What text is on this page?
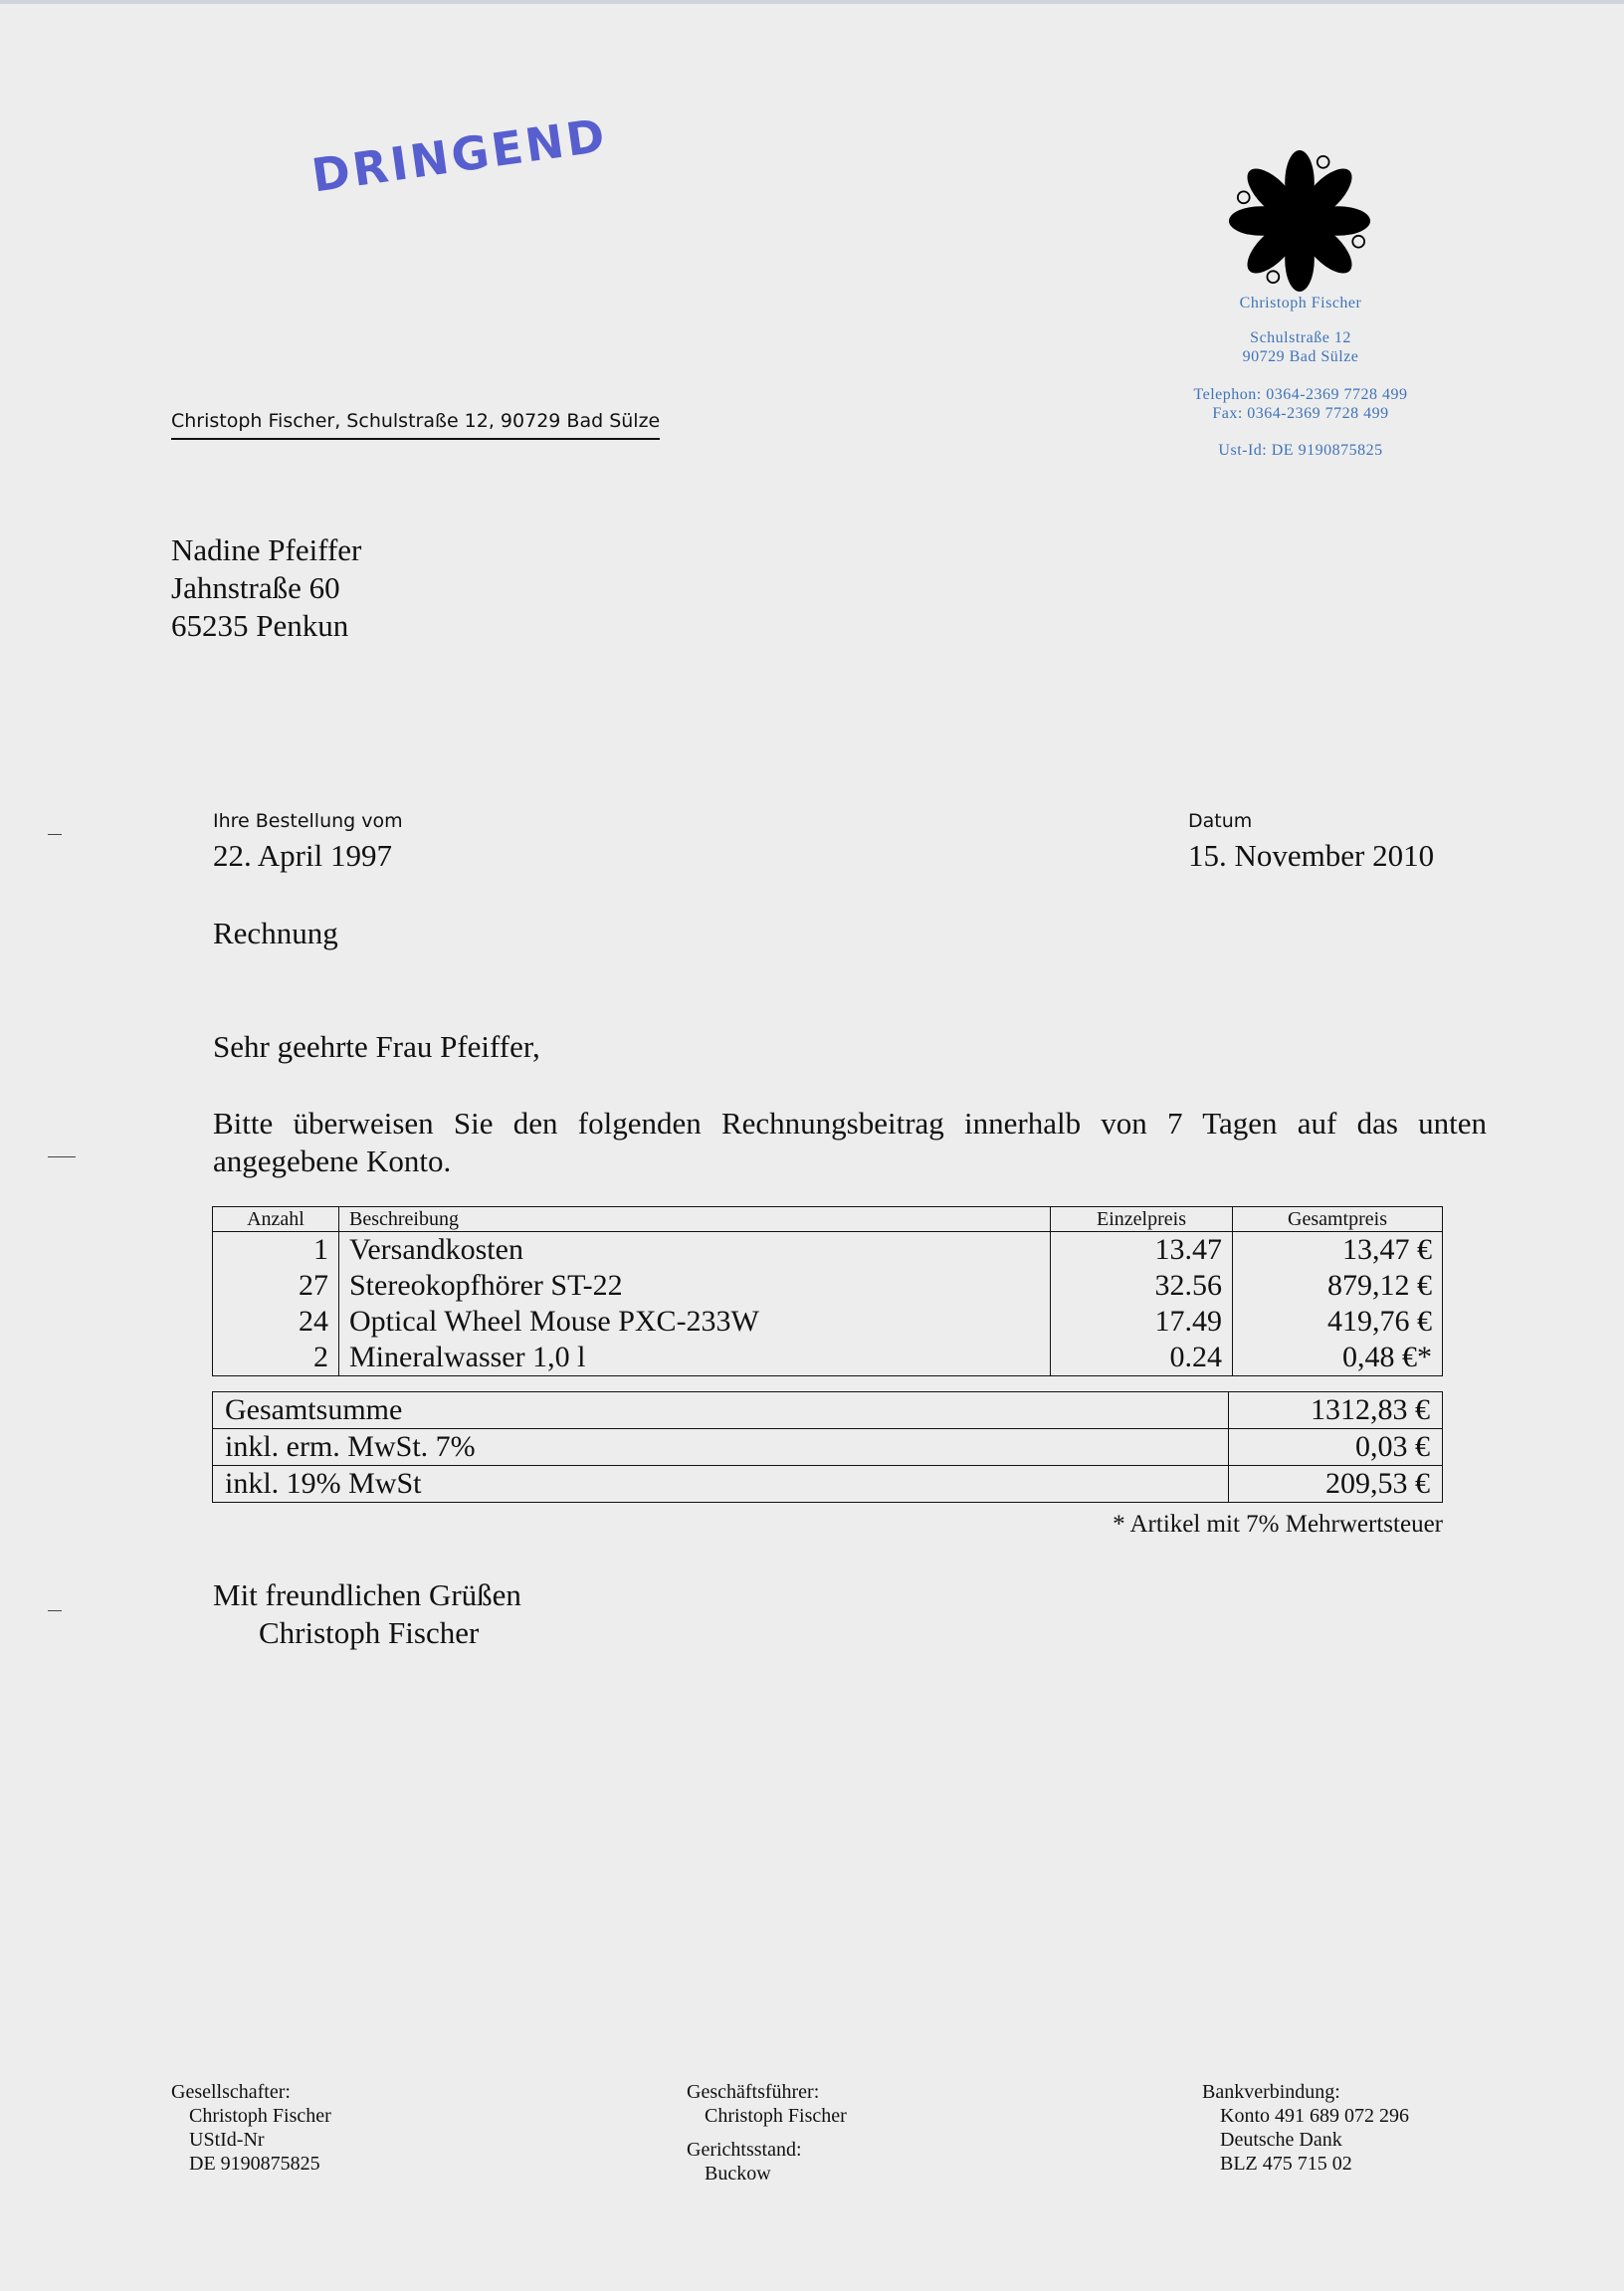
DRINGEND
Christoph Fischer
Schulstraße 12
90729 Bad Sülze
Telephon: 0364-2369 7728 499
Fax: 0364-2369 7728 499
Ust-Id: DE 9190875825
Christoph Fischer, Schulstraße 12, 90729 Bad Sülze
Nadine Pfeiffer
Jahnstraße 60
65235 Penkun
Ihre Bestellung vom
22. April 1997
Datum
15. November 2010
Rechnung
Sehr geehrte Frau Pfeiffer,
Bitte überweisen Sie den folgenden Rechnungsbeitrag innerhalb von 7 Tagen auf das unten angegebene Konto.
Anzahl	Beschreibung	Einzelpreis	Gesamtpreis
1	Versandkosten	13.47	13,47 €
27	Stereokopfhörer ST-22	32.56	879,12 €
24	Optical Wheel Mouse PXC-233W	17.49	419,76 €
2	Mineralwasser 1,0 l	0.24	0,48 €*
Gesamtsumme	1312,83 €
inkl. erm. MwSt. 7%	0,03 €
inkl. 19% MwSt	209,53 €
* Artikel mit 7% Mehrwertsteuer
Mit freundlichen Grüßen
Christoph Fischer
Gesellschafter:
Christoph Fischer
UStId-Nr
DE 9190875825
Geschäftsführer:
Christoph Fischer
Gerichtsstand:
Buckow
Bankverbindung:
Konto 491 689 072 296
Deutsche Dank
BLZ 475 715 02
